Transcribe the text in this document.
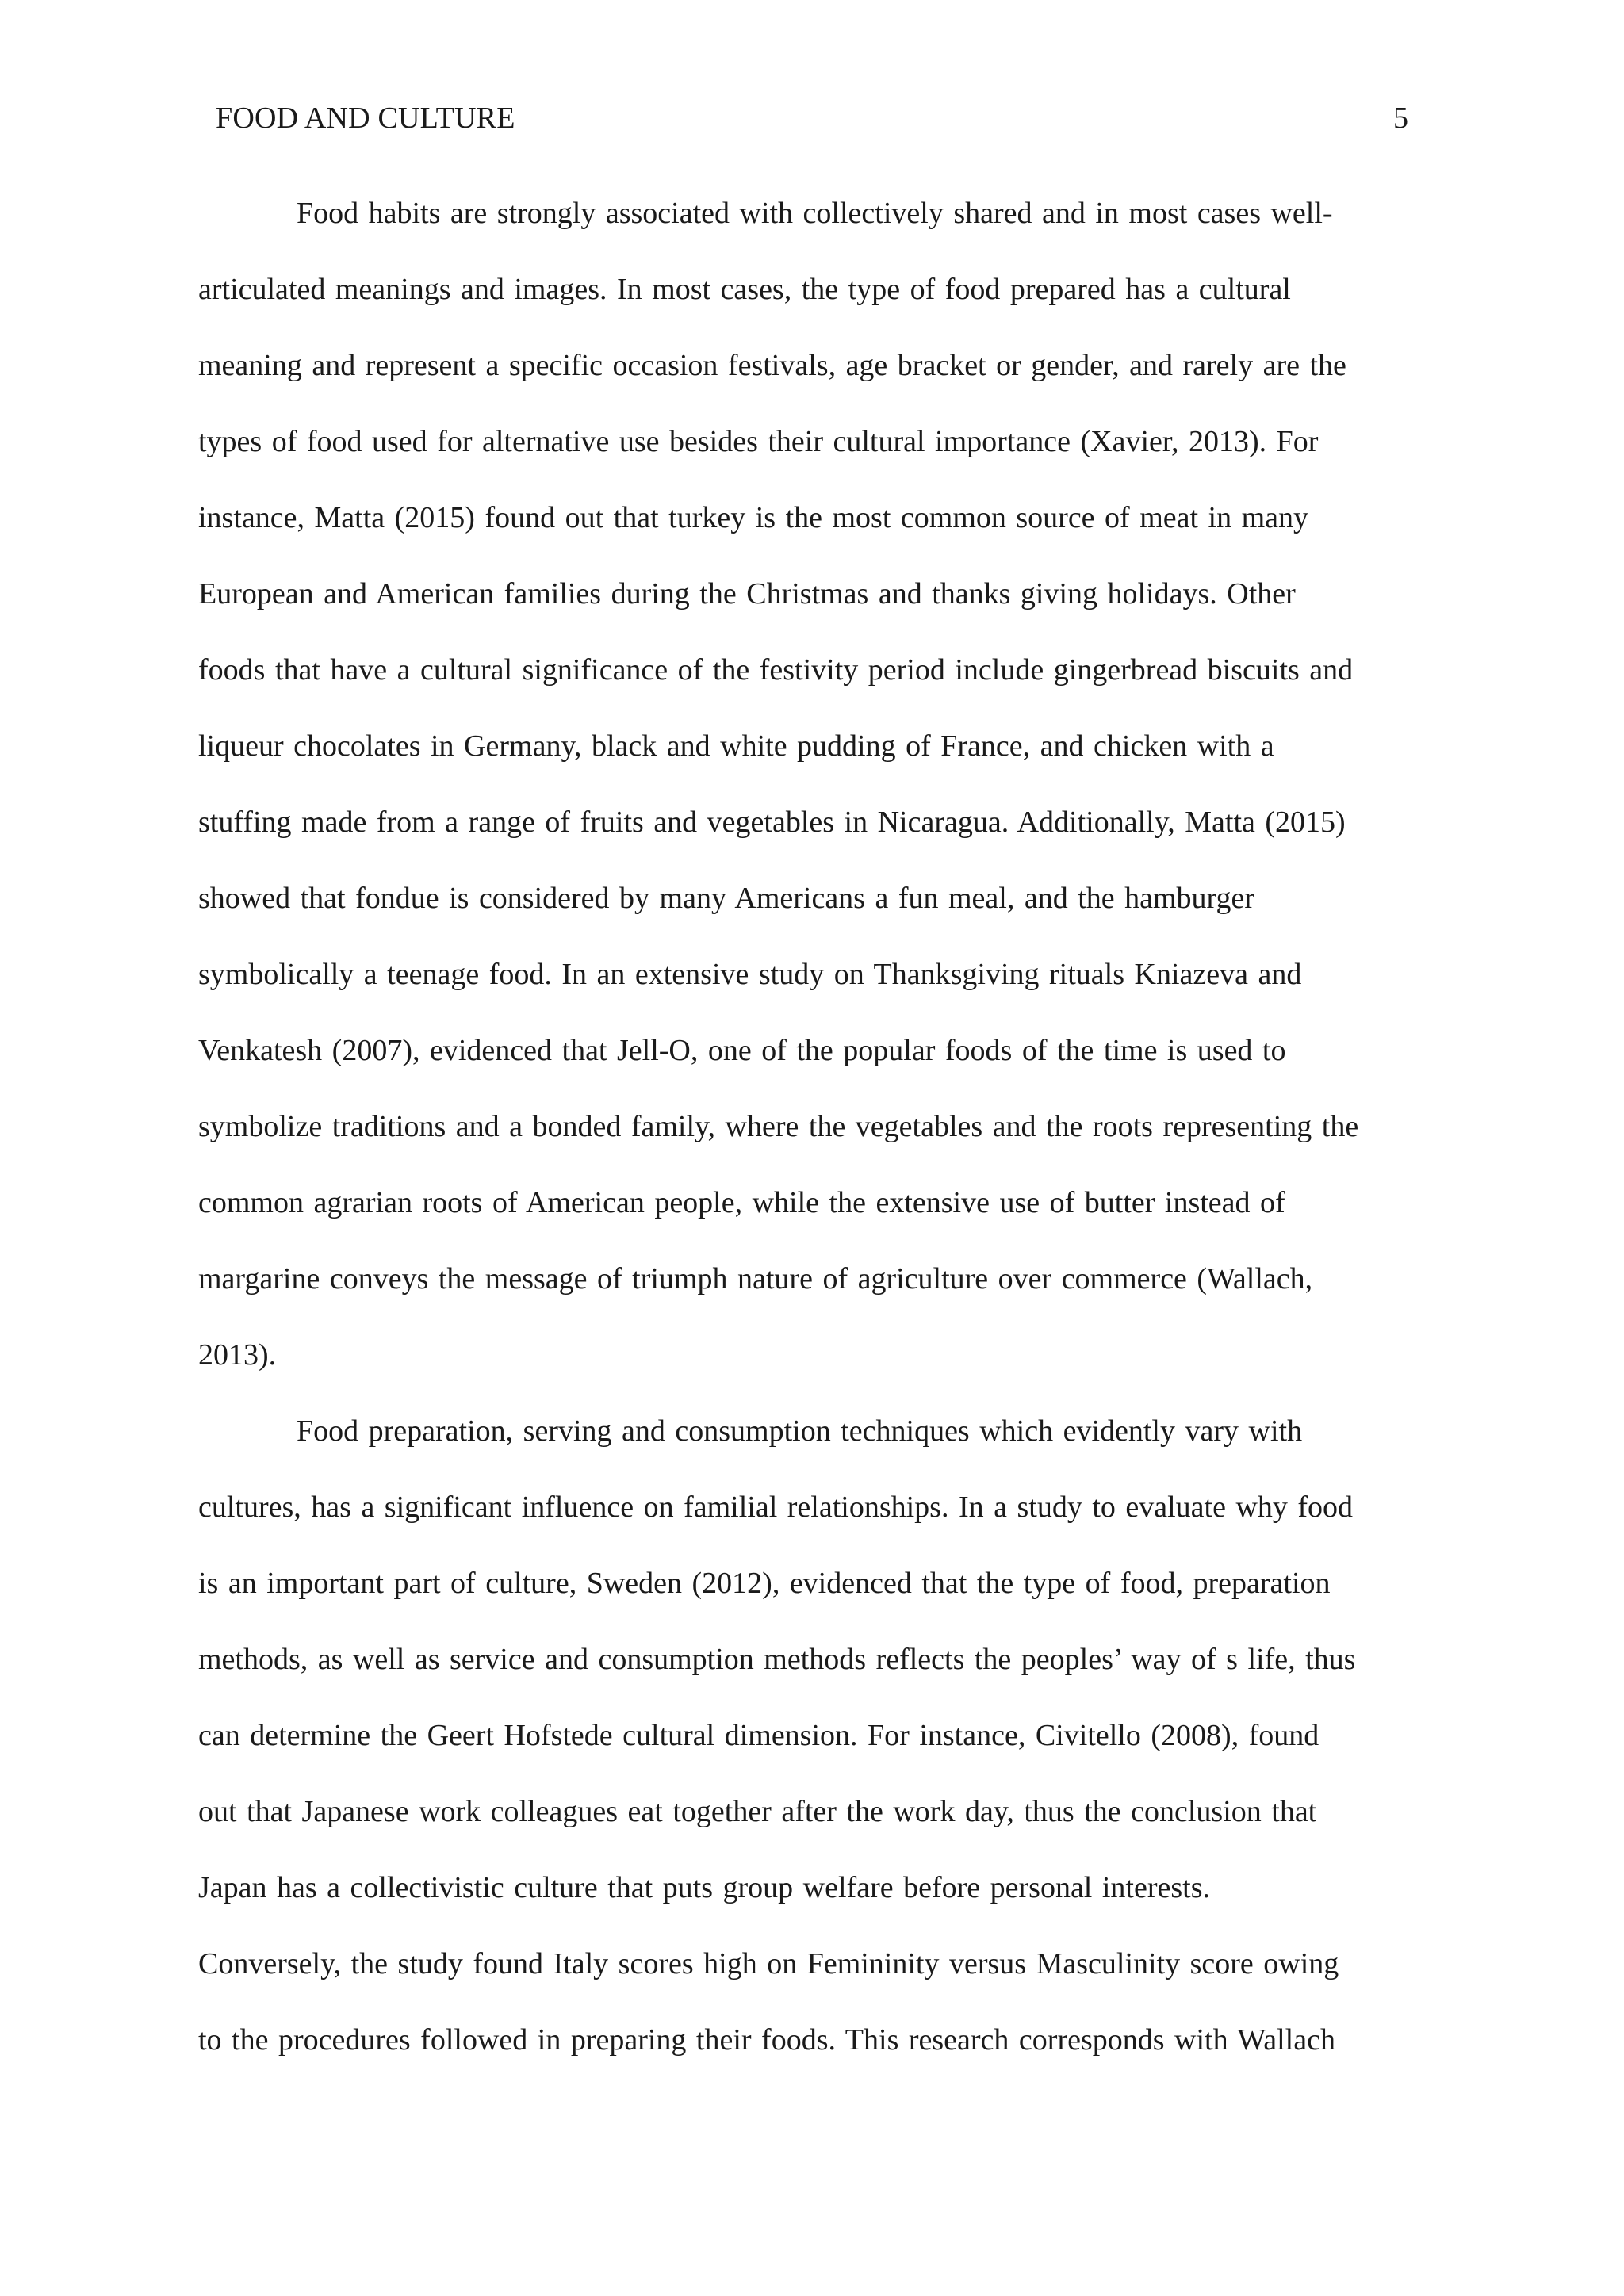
FOOD AND CULTURE	5
Food habits are strongly associated with collectively shared and in most cases well-
articulated meanings and images. In most cases, the type of food prepared has a cultural
meaning and represent a specific occasion festivals, age bracket or gender, and rarely are the
types of food used for alternative use besides their cultural importance (Xavier, 2013). For
instance, Matta (2015) found out that turkey is the most common source of meat in many
European and American families during the Christmas and thanks giving holidays. Other
foods that have a cultural significance of the festivity period include gingerbread biscuits and
liqueur chocolates in Germany, black and white pudding of France, and chicken with a
stuffing made from a range of fruits and vegetables in Nicaragua. Additionally, Matta (2015)
showed that fondue is considered by many Americans a fun meal, and the hamburger
symbolically a teenage food. In an extensive study on Thanksgiving rituals Kniazeva and
Venkatesh (2007), evidenced that Jell-O, one of the popular foods of the time is used to
symbolize traditions and a bonded family, where the vegetables and the roots representing the
common agrarian roots of American people, while the extensive use of butter instead of
margarine conveys the message of triumph nature of agriculture over commerce (Wallach,
2013).
Food preparation, serving and consumption techniques which evidently vary with
cultures, has a significant influence on familial relationships. In a study to evaluate why food
is an important part of culture, Sweden (2012), evidenced that the type of food, preparation
methods, as well as service and consumption methods reflects the peoples’ way of s life, thus
can determine the Geert Hofstede cultural dimension. For instance, Civitello (2008), found
out that Japanese work colleagues eat together after the work day, thus the conclusion that
Japan has a collectivistic culture that puts group welfare before personal interests.
Conversely, the study found Italy scores high on Femininity versus Masculinity score owing
to the procedures followed in preparing their foods. This research corresponds with Wallach
